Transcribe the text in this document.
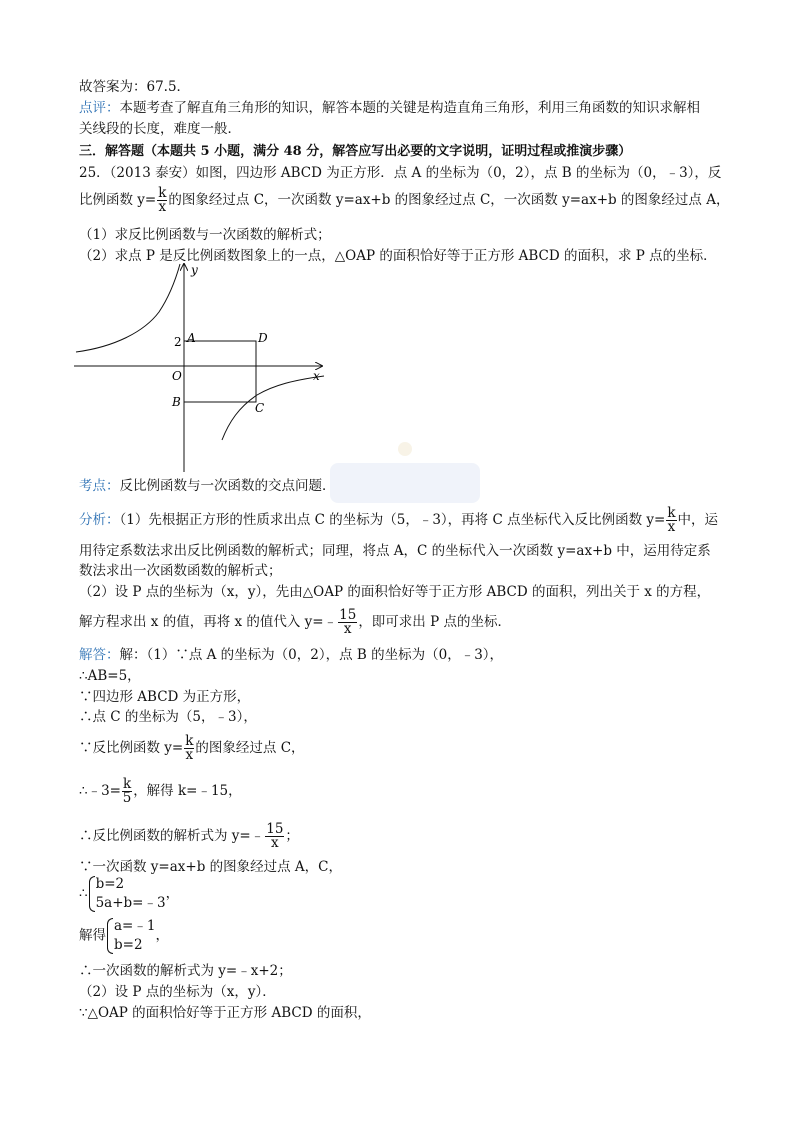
故答案为：67.5．
点评：本题考查了解直角三角形的知识，解答本题的关键是构造直角三角形，利用三角函数的知识求解相
关线段的长度，难度一般．
三．解答题（本题共 5 小题，满分 48 分，解答应写出必要的文字说明，证明过程或推演步骤）
25．（2013 泰安）如图，四边形 ABCD 为正方形．点 A 的坐标为（0，2），点 B 的坐标为（0，﹣3），反
比例函数 $y= \frac{k}{x}$ 的图象经过点 C，一次函数 y=ax+b 的图象经过点 C，一次函数 y=ax+b 的图象经过点 A，
（1）求反比例函数与一次函数的解析式；
（2）求点 P 是反比例函数图象上的一点，△OAP 的面积恰好等于正方形 ABCD 的面积，求 P 点的坐标．
A
2	D
O
B	C
x
y
考点：反比例函数与一次函数的交点问题．
分析：（1）先根据正方形的性质求出点 C 的坐标为（5，﹣3），再将 C 点坐标代入反比例函数 $y= \frac{k}{x}$ 中，运
用待定系数法求出反比例函数的解析式；同理，将点 A，C 的坐标代入一次函数 y=ax+b 中，运用待定系
数法求出一次函数函数的解析式；
（2）设 P 点的坐标为（x，y），先由△OAP 的面积恰好等于正方形 ABCD 的面积，列出关于 x 的方程，
解方程求出 x 的值，再将 x 的值代入 y=﹣ $\frac{15}{x}$ ，即可求出 P 点的坐标．
解答：解：（1）∵点 A 的坐标为（0，2），点 B 的坐标为（0，﹣3），
∴AB=5，
∵四边形 ABCD 为正方形，
∴点 C 的坐标为（5，﹣3），
∵反比例函数 $y= \frac{k}{x}$ 的图象经过点 C，
∴﹣3= $\frac{k}{5}$ ，解得 k=﹣15，
∴反比例函数的解析式为 y=﹣ $\frac{15}{x}$ ；
∵一次函数 y=ax+b 的图象经过点 A，C，
∴
b=2
5a+b=﹣3
，
解得
a=﹣1
b=2
，
∴一次函数的解析式为 y=﹣x+2；
（2）设 P 点的坐标为（x，y）．
∵△OAP 的面积恰好等于正方形 ABCD 的面积，
